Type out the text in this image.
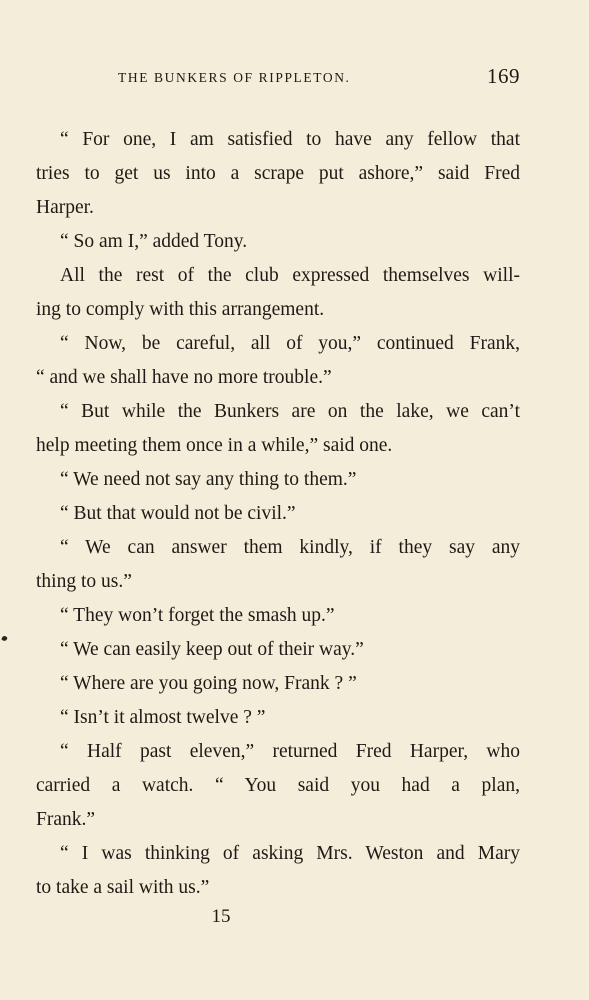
THE BUNKERS OF RIPPLETON.	169
“ For one, I am satisfied to have any fellow that
tries to get us into a scrape put ashore,” said Fred
Harper.
“ So am I,” added Tony.
All the rest of the club expressed themselves will‑
ing to comply with this arrangement.
“ Now, be careful, all of you,” continued Frank,
“ and we shall have no more trouble.”
“ But while the Bunkers are on the lake, we can’t
help meeting them once in a while,” said one.
“ We need not say any thing to them.”
“ But that would not be civil.”
“ We can answer them kindly, if they say any
thing to us.”
“ They won’t forget the smash up.”
“ We can easily keep out of their way.”
“ Where are you going now, Frank ? ”
“ Isn’t it almost twelve ? ”
“ Half past eleven,” returned Fred Harper, who
carried a watch. “ You said you had a plan,
Frank.”
“ I was thinking of asking Mrs. Weston and Mary
to take a sail with us.”
15
